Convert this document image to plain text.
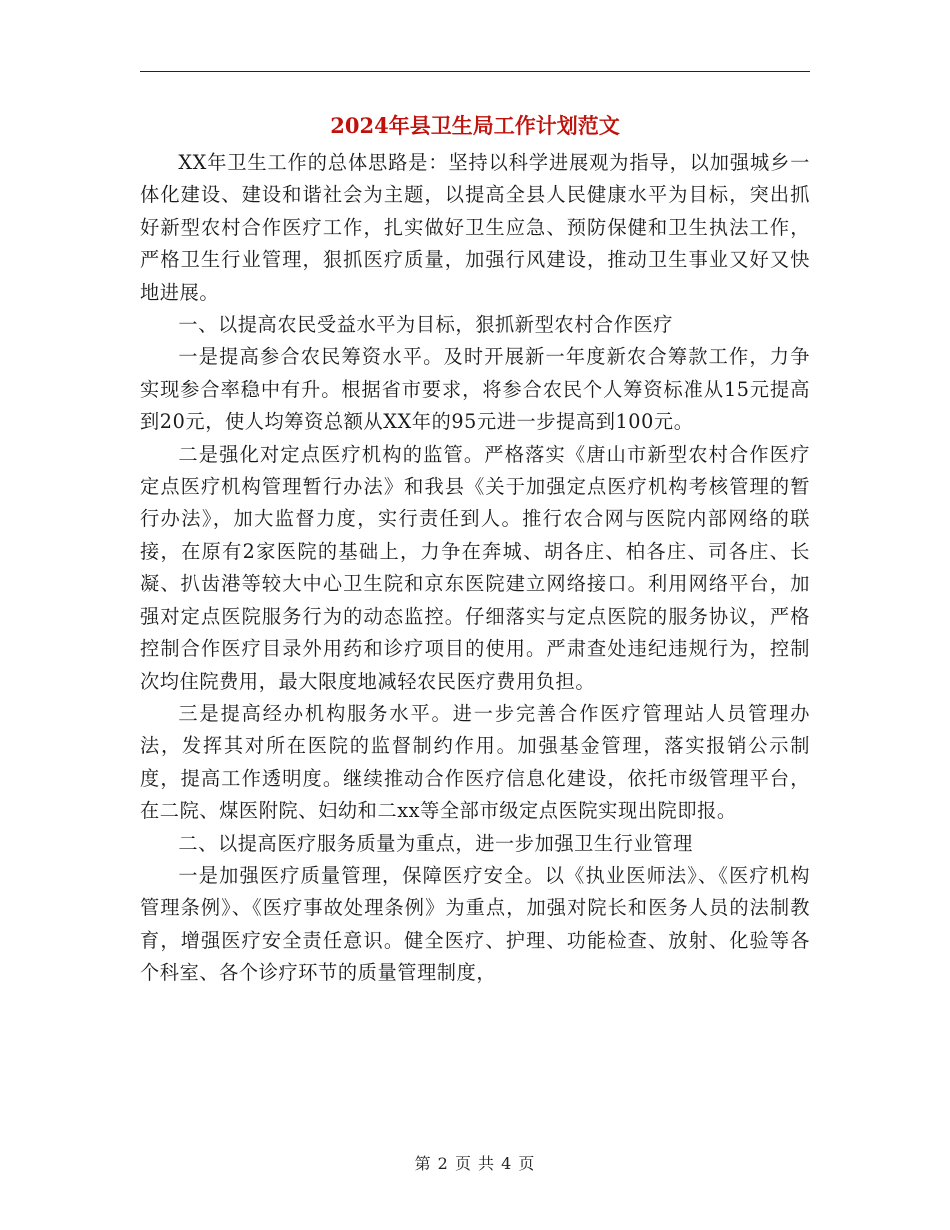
2024年县卫生局工作计划范文

XX年卫生工作的总体思路是：坚持以科学进展观为指导，以加强城乡一体化建设、建设和谐社会为主题，以提高全县人民健康水平为目标，突出抓好新型农村合作医疗工作，扎实做好卫生应急、预防保健和卫生执法工作，严格卫生行业管理，狠抓医疗质量，加强行风建设，推动卫生事业又好又快地进展。

一、以提高农民受益水平为目标，狠抓新型农村合作医疗

一是提高参合农民筹资水平。及时开展新一年度新农合筹款工作，力争实现参合率稳中有升。根据省市要求，将参合农民个人筹资标准从15元提高到20元，使人均筹资总额从XX年的95元进一步提高到100元。

二是强化对定点医疗机构的监管。严格落实《唐山市新型农村合作医疗定点医疗机构管理暂行办法》和我县《关于加强定点医疗机构考核管理的暂行办法》，加大监督力度，实行责任到人。推行农合网与医院内部网络的联接，在原有2家医院的基础上，力争在奔城、胡各庄、柏各庄、司各庄、长凝、扒齿港等较大中心卫生院和京东医院建立网络接口。利用网络平台，加强对定点医院服务行为的动态监控。仔细落实与定点医院的服务协议，严格控制合作医疗目录外用药和诊疗项目的使用。严肃查处违纪违规行为，控制次均住院费用，最大限度地减轻农民医疗费用负担。

三是提高经办机构服务水平。进一步完善合作医疗管理站人员管理办法，发挥其对所在医院的监督制约作用。加强基金管理，落实报销公示制度，提高工作透明度。继续推动合作医疗信息化建设，依托市级管理平台，在二院、煤医附院、妇幼和二xx等全部市级定点医院实现出院即报。

二、以提高医疗服务质量为重点，进一步加强卫生行业管理

一是加强医疗质量管理，保障医疗安全。以《执业医师法》、《医疗机构管理条例》、《医疗事故处理条例》为重点，加强对院长和医务人员的法制教育，增强医疗安全责任意识。健全医疗、护理、功能检查、放射、化验等各个科室、各个诊疗环节的质量管理制度，

第 2 页 共 4 页
